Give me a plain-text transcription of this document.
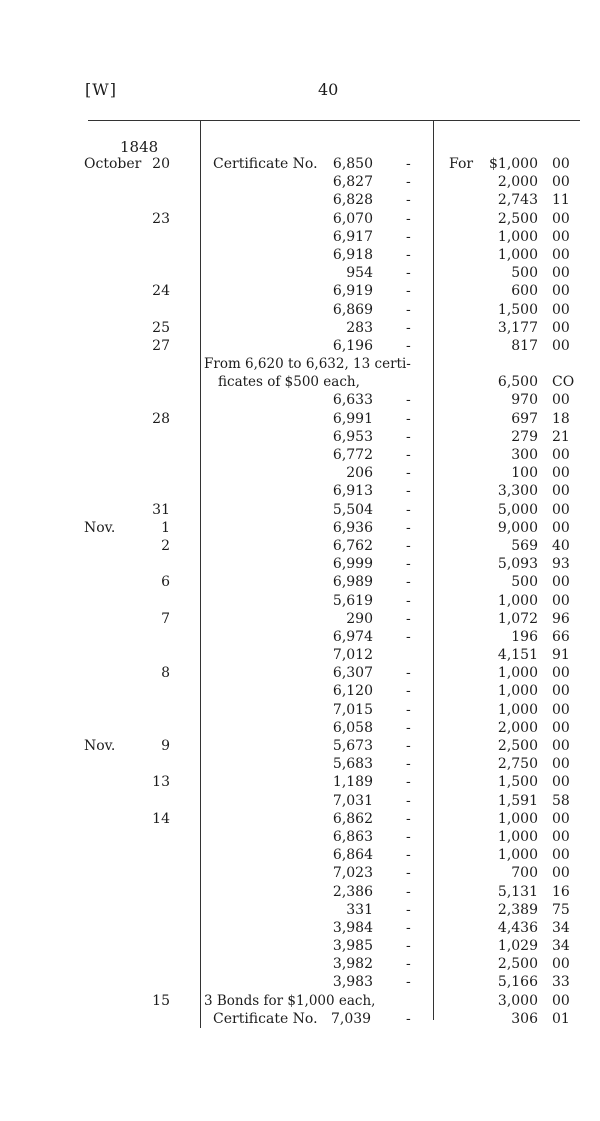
[W]	40
1848
October 20	Certificate No. 6,850 -	For $1,000 00
6,827 -	2,000 00
6,828 -	2,743 11
23	6,070 -	2,500 00
6,917 -	1,000 00
6,918 -	1,000 00
954 -	500 00
24	6,919 -	600 00
6,869 -	1,500 00
25	283 -	3,177 00
27	6,196 -	817 00
From 6,620 to 6,632, 13 certi-
ficates of $500 each,	6,500 CO
6,633 -	970 00
28	6,991 -	697 18
6,953 -	279 21
6,772 -	300 00
206 -	100 00
6,913 -	3,300 00
31	5,504 -	5,000 00
Nov.	1	6,936 -	9,000 00
2	6,762 -	569 40
6,999 -	5,093 93
6	6,989 -	500 00
5,619 -	1,000 00
7	290 -	1,072 96
6,974 -	196 66
7,012	4,151 91
8	6,307 -	1,000 00
6,120 -	1,000 00
7,015 -	1,000 00
6,058 -	2,000 00
Nov.	9	5,673 -	2,500 00
5,683 -	2,750 00
13	1,189 -	1,500 00
7,031 -	1,591 58
14	6,862 -	1,000 00
6,863 -	1,000 00
6,864 -	1,000 00
7,023 -	700 00
2,386 -	5,131 16
331 -	2,389 75
3,984 -	4,436 34
3,985 -	1,029 34
3,982 -	2,500 00
3,983 -	5,166 33
15	3 Bonds for $1,000 each,	3,000 00
Certificate No. 7,039 -	306 01
